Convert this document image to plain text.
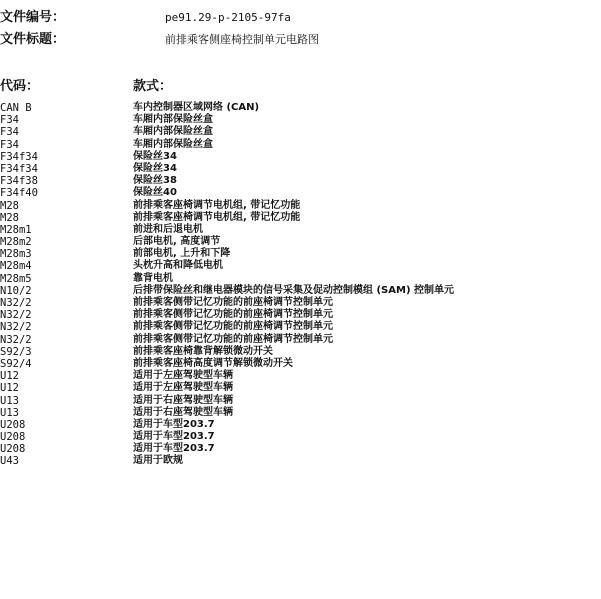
文件编号：	pe91.29-p-2105-97fa
文件标题：	前排乘客侧座椅控制单元电路图
代码：	款式：
CAN B	车内控制器区域网络 (CAN)
F34	车厢内部保险丝盒
F34	车厢内部保险丝盒
F34	车厢内部保险丝盒
F34f34	保险丝34
F34f34	保险丝34
F34f38	保险丝38
F34f40	保险丝40
M28	前排乘客座椅调节电机组, 带记忆功能
M28	前排乘客座椅调节电机组, 带记忆功能
M28m1	前进和后退电机
M28m2	后部电机, 高度调节
M28m3	前部电机, 上升和下降
M28m4	头枕升高和降低电机
M28m5	靠背电机
N10/2	后排带保险丝和继电器模块的信号采集及促动控制模组 (SAM) 控制单元
N32/2	前排乘客侧带记忆功能的前座椅调节控制单元
N32/2	前排乘客侧带记忆功能的前座椅调节控制单元
N32/2	前排乘客侧带记忆功能的前座椅调节控制单元
N32/2	前排乘客侧带记忆功能的前座椅调节控制单元
S92/3	前排乘客座椅靠背解锁微动开关
S92/4	前排乘客座椅高度调节解锁微动开关
U12	适用于左座驾驶型车辆
U12	适用于左座驾驶型车辆
U13	适用于右座驾驶型车辆
U13	适用于右座驾驶型车辆
U208	适用于车型203.7
U208	适用于车型203.7
U208	适用于车型203.7
U43	适用于欧规
